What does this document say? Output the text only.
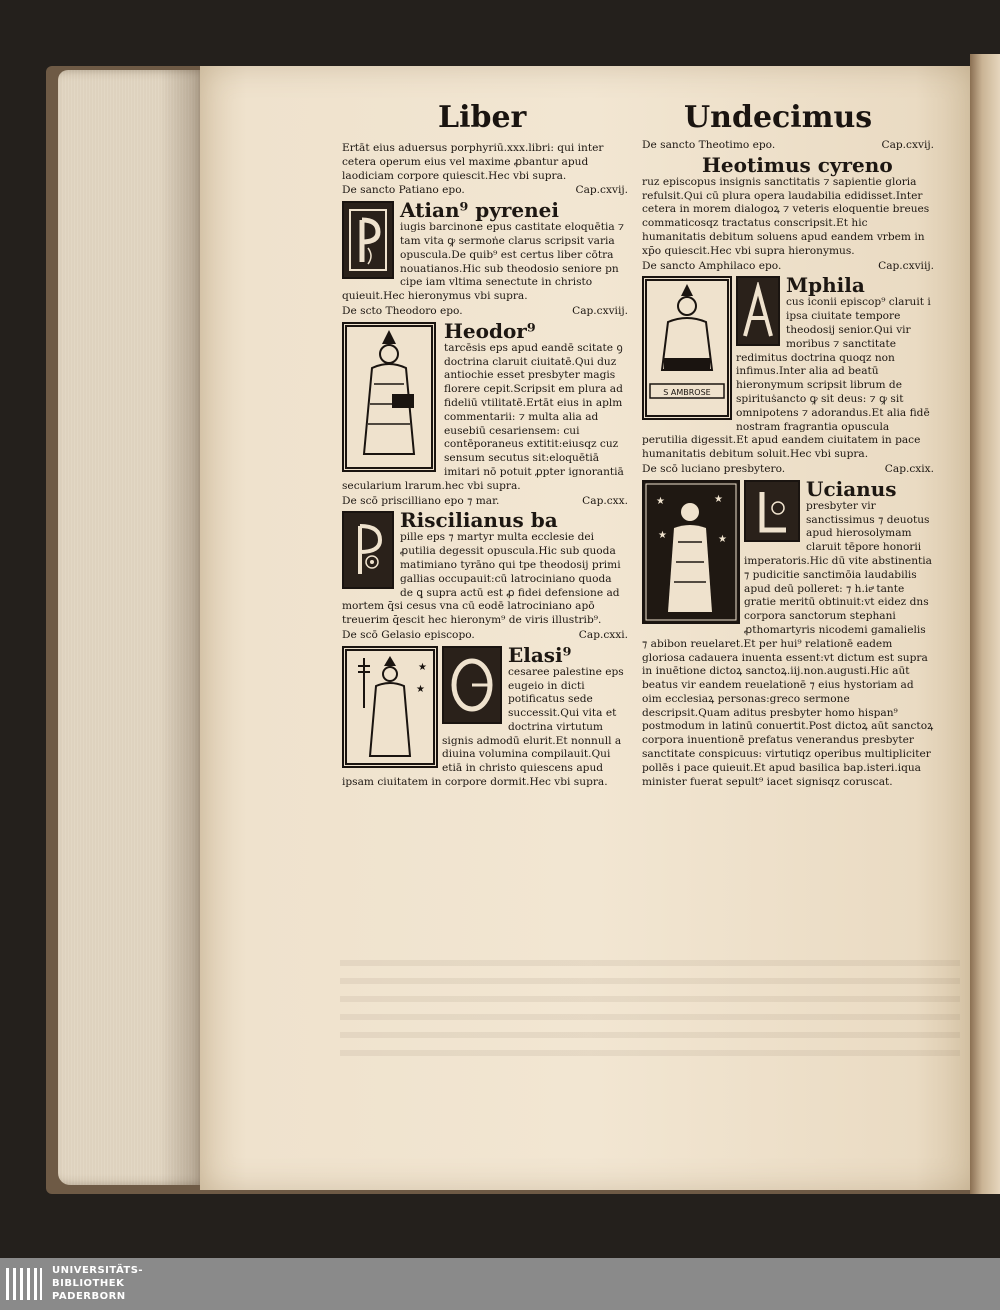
Liber	Undecimus

Ertāt eius aduersus porphyriū.xxx.libri: qui inter cetera operum eius vel maxime ꝓbantur apud laodiciam corpore quiescit.Hec vbi supra.

De sancto Patiano epo.	Cap.cxvij.

Atian⁹ pyrenei

iugis barcinone epus castitate eloquētia ⁊ tam vita ꝙ sermoṅe clarus scripsit varia opuscula.De quib⁹ est certus liber cōtra nouatianos.Hic sub theodosio seniore pn cipe iam vltima senectute in christo quieuit.Hec hieronymus vbi supra.

De scto Theodoro epo.	Cap.cxviij.

Heodor⁹

tarcēsis eps apud eandē scitate ꝯ doctrina claruit ciuitatē.Qui duz antiochie esset presbyter magis florere cepit.Scripsit em plura ad fideliū vtilitatē.Ertāt eius in aplm commentarii: ⁊ multa alia ad eusebiū cesariensem: cui contēporaneus extitit:eiusqz cuz sensum secutus sit:eloquētiā imitari nō potuit ꝓpter ignorantiā secularium lrarum.hec vbi supra.

De scō priscilliano epo ⁊ mar.	Cap.cxx.

Riscilianus ba

pille eps ⁊ martyr multa ecclesie dei ꝓutilia degessit opuscula.Hic sub quoda matimiano tyrāno qui tpe theodosij primi gallias occupauit:cū latrociniano quoda de ꝗ supra actū est ꝓ fidei defensione ad mortem q̄si cesus vna cū eodē latrociniano apō treuerim q̄escit hec hieronym⁹ de viris illustrib⁹.

De scō Gelasio episcopo.	Cap.cxxi.

★
★

Elasi⁹

cesaree palestine eps eugeio in dicti potificatus sede successit.Qui vita et doctrina virtutum signis admodū elurit.Et nonnull a diuina volumina compilauit.Qui etiā in christo quiescens apud ipsam ciuitatem in corpore dormit.Hec vbi supra.

De sancto Theotimo epo.	Cap.cxvij.

Heotimus cyreno

ruz episcopus insignis sanctitatis ⁊ sapientie gloria refulsit.Qui cū plura opera laudabilia edidisset.Inter cetera in morem dialogoꝝ ⁊ veteris eloquentie breues commaticosqz tractatus conscripsit.Et hic humanitatis debitum soluens apud eandem vrbem in xp̄o quiescit.Hec vbi supra hieronymus.

De sancto Amphilaco epo.	Cap.cxviij.

S AMBROSE

Mphila

cus iconii episcop⁹ claruit i ipsa ciuitate tempore theodosij senior.Qui vir moribus ⁊ sanctitate redimitus doctrina quoqz non infimus.Inter alia ad beatū hieronymum scripsit librum de spirituṡancto ꝙ sit deus: ⁊ ꝙ sit omnipotens ⁊ adorandus.Et alia fidē nostram fragrantia opuscula perutilia digessit.Et apud eandem ciuitatem in pace humanitatis debitum soluit.Hec vbi supra.

De scō luciano presbytero.	Cap.cxix.

★	★
★	★

Ucianus

presbyter vir sanctissimus ⁊ deuotus apud hierosolymam claruit tēpore honorii imperatoris.Hic dū vite abstinentia ⁊ pudicitie sanctimōia laudabilis apud deū polleret: ⁊ h.ieͣ tante gratie meritū obtinuit:vt eidez dns corpora sanctorum stephani ꝓthomartyris nicodemi gamalielis ⁊ abibon reuelaret.Et per hui⁹ relationē eadem gloriosa cadauera inuenta essent:vt dictum est supra in inuētione dictoꝝ sanctoꝝ.iij.non.augusti.Hic aūt beatus vir eandem reuelationē ⁊ eius hystoriam ad oim ecclesiaꝝ personas:greco sermone descripsit.Quam aditus presbyter homo hispan⁹ postmodum in latinū conuertit.Post dictoꝝ aūt sanctoꝝ corpora inuentionē prefatus venerandus presbyter sanctitate conspicuus: virtutiqz operibus multipliciter pollēs i pace quieuit.Et apud basilica bap.isteri.iqua minister fuerat sepult⁹ iacet signisqz coruscat.

UNIVERSITÄTS-
BIBLIOTHEK
PADERBORN
